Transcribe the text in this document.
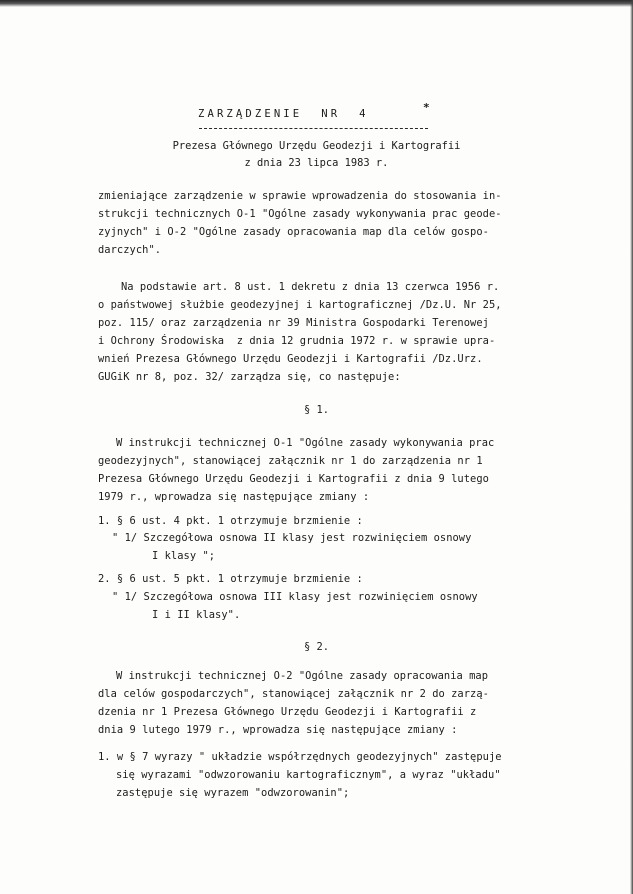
ZARZĄDZENIE  NR  4	*
Prezesa Głównego Urzędu Geodezji i Kartografii
z dnia 23 lipca 1983 r.
zmieniające zarządzenie w sprawie wprowadzenia do stosowania in-
strukcji technicznych O-1 "Ogólne zasady wykonywania prac geode-
zyjnych" i O-2 "Ogólne zasady opracowania map dla celów gospo-
darczych".
Na podstawie art. 8 ust. 1 dekretu z dnia 13 czerwca 1956 r.
o państwowej służbie geodezyjnej i kartograficznej /Dz.U. Nr 25,
poz. 115/ oraz zarządzenia nr 39 Ministra Gospodarki Terenowej
i Ochrony Środowiska  z dnia 12 grudnia 1972 r. w sprawie upra-
wnień Prezesa Głównego Urzędu Geodezji i Kartografii /Dz.Urz.
GUGiK nr 8, poz. 32/ zarządza się, co następuje:
§ 1.
W instrukcji technicznej O-1 "Ogólne zasady wykonywania prac
geodezyjnych", stanowiącej załącznik nr 1 do zarządzenia nr 1
Prezesa Głównego Urzędu Geodezji i Kartografii z dnia 9 lutego
1979 r., wprowadza się następujące zmiany :
1. § 6 ust. 4 pkt. 1 otrzymuje brzmienie :
" 1/ Szczegółowa osnowa II klasy jest rozwinięciem osnowy
I klasy ";
2. § 6 ust. 5 pkt. 1 otrzymuje brzmienie :
" 1/ Szczegółowa osnowa III klasy jest rozwinięciem osnowy
I i II klasy".
§ 2.
W instrukcji technicznej O-2 "Ogólne zasady opracowania map
dla celów gospodarczych", stanowiącej załącznik nr 2 do zarzą-
dzenia nr 1 Prezesa Głównego Urzędu Geodezji i Kartografii z
dnia 9 lutego 1979 r., wprowadza się następujące zmiany :
1. w § 7 wyrazy " układzie współrzędnych geodezyjnych" zastępuje
się wyrazami "odwzorowaniu kartograficznym", a wyraz "układu"
zastępuje się wyrazem "odwzorowanin";
